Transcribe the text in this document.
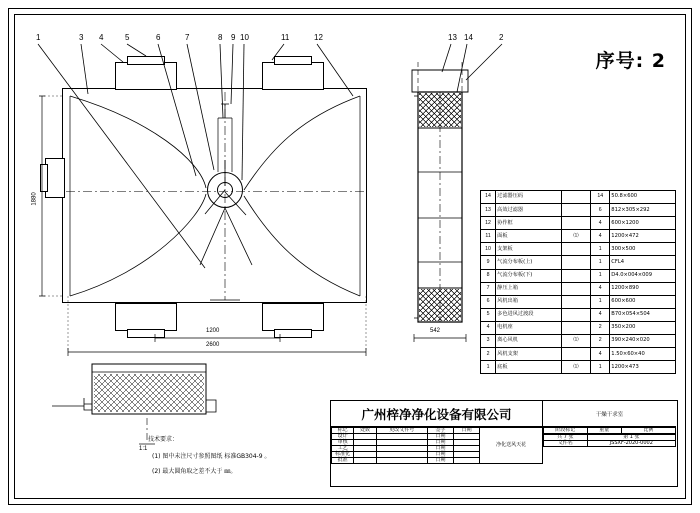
序号: 2
1	3 4	5	6	7	8 9 10	11	12	13 14	2
1880
1200
2600
542
1:1
技术要求：
(1) 图中未注尺寸参照图纸 标准GB304-9 。
(2) 最大圆角取之差不大于 ㎜。
14	过滤器压码		14	50.8×600
13	高效过滤器		6	812×305×292
12	协作框		4	600×1200
11	面板	⑴	4	1200×472
10	支架板		1	300×500
9	气流分布板(上)		1	CFL4
8	气流分布板(下)		1	D4.0×004×009
7	静压上箱		4	1200×890
6	风机出箱		1	600×600
5	多色进风过渡段		4	B70×054×504
4	电机座		2	350×200
3	离心风机	⑴	2	390×240×020
2	风机支架		4	1.50×60×40
1	底板	⑴	1	1200×473
广州梓净净化设备有限公司	干燥干求室
标记	处数	更改文件号	签字	日期	净化送风天花
设计			日期		
审核			日期		
工艺			日期		
标准化			日期		
批准			日期		
阶段标记	重量	比例

共 7 张	第 1 张	
文件名	JSSXF-2020-0002	
